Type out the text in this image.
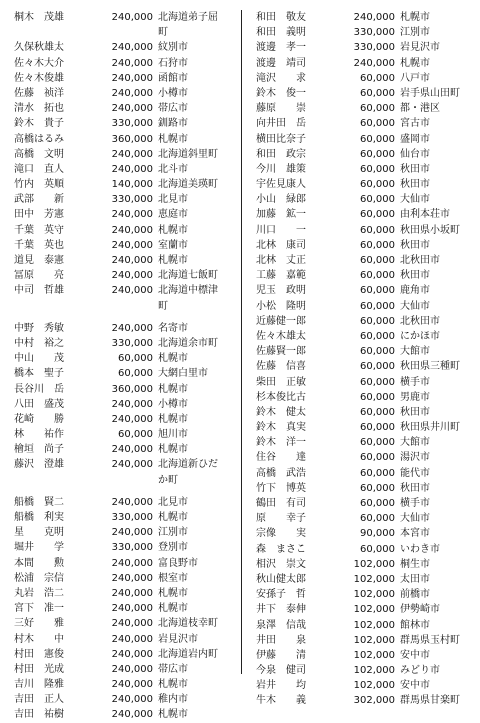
桐木　茂雄	240,000 北海道弟子屈
町
久保秋雄太	240,000 紋別市
佐々木大介	240,000 石狩市
佐々木俊雄	240,000 函館市
佐藤　祯洋	240,000 小樽市
清水　拓也	240,000 帯広市
鈴木　貴子	330,000 釧路市
高橋はるみ	360,000 札幌市
高橋　文明	240,000 北海道斜里町
滝口　直人	240,000 北斗市
竹内　英順	140,000 北海道美瑛町
武部　　新	330,000 北見市
田中　芳憲	240,000 恵庭市
千葉　英守	240,000 札幌市
千葉　英也	240,000 室蘭市
道見　泰憲	240,000 札幌市
冨原　　亮	240,000 北海道七飯町
中司　哲雄	240,000 北海道中標津
町
中野　秀敏	240,000 名寄市
中村　裕之	330,000 北海道余市町
中山　　茂	60,000 札幌市
橋本　聖子	60,000 大網白里市
長谷川　岳	360,000 札幌市
八田　盛茂	240,000 小樽市
花崎　　勝	240,000 札幌市
林　　祐作	60,000 旭川市
檜垣　尚子	240,000 札幌市
藤沢　澄雄	240,000 北海道新ひだ
か町
船橋　賢二	240,000 北見市
船橋　利実	330,000 札幌市
星　　克明	240,000 江別市
堀井　　学	330,000 登別市
本間　　勲	240,000 富良野市
松浦　宗信	240,000 根室市
丸岩　浩二	240,000 札幌市
宮下　准一	240,000 札幌市
三好　　雅	240,000 北海道枝幸町
村木　　中	240,000 岩見沢市
村田　憲俊	240,000 北海道岩内町
村田　光成	240,000 帯広市
吉川　隆雅	240,000 札幌市
吉田　正人	240,000 稚内市
吉田　祐樹	240,000 札幌市
和田　敬友	240,000 札幌市
和田　義明	330,000 江別市
渡邊　孝一	330,000 岩見沢市
渡邊　靖司	240,000 札幌市
滝沢　　求	60,000 八戸市
鈴木　俊一	60,000 岩手県山田町
藤原　　崇	60,000 都・港区
向井田　岳	60,000 宮古市
横田比奈子	60,000 盛岡市
和田　政宗	60,000 仙台市
今川　雄策	60,000 秋田市
宇佐見康人	60,000 秋田市
小山　緑郎	60,000 大仙市
加藤　鉱一	60,000 由利本荘市
川口　　一	60,000 秋田県小坂町
北林　康司	60,000 秋田市
北林　丈正	60,000 北秋田市
工藤　嘉範	60,000 秋田市
児玉　政明	60,000 鹿角市
小松　隆明	60,000 大仙市
近藤健一郎	60,000 北秋田市
佐々木雄太	60,000 にかほ市
佐藤賢一郎	60,000 大館市
佐藤　信喜	60,000 秋田県三種町
柴田　正敏	60,000 横手市
杉本俊比古	60,000 男鹿市
鈴木　健太	60,000 秋田市
鈴木　真実	60,000 秋田県井川町
鈴木　洋一	60,000 大館市
住谷　　達	60,000 湯沢市
高橋　武浩	60,000 能代市
竹下　博英	60,000 秋田市
鶴田　有司	60,000 横手市
原　　幸子	60,000 大仙市
宗像　　実	90,000 本宮市
森　まさこ	60,000 いわき市
相沢　崇文	102,000 桐生市
秋山健太郎	102,000 太田市
安孫子　哲	102,000 前橋市
井下　泰伸	102,000 伊勢崎市
泉澤　信哉	102,000 館林市
井田　　泉	102,000 群馬県玉村町
伊藤　　清	102,000 安中市
今泉　健司	102,000 みどり市
岩井　　均	102,000 安中市
牛木　　義	302,000 群馬県甘楽町
